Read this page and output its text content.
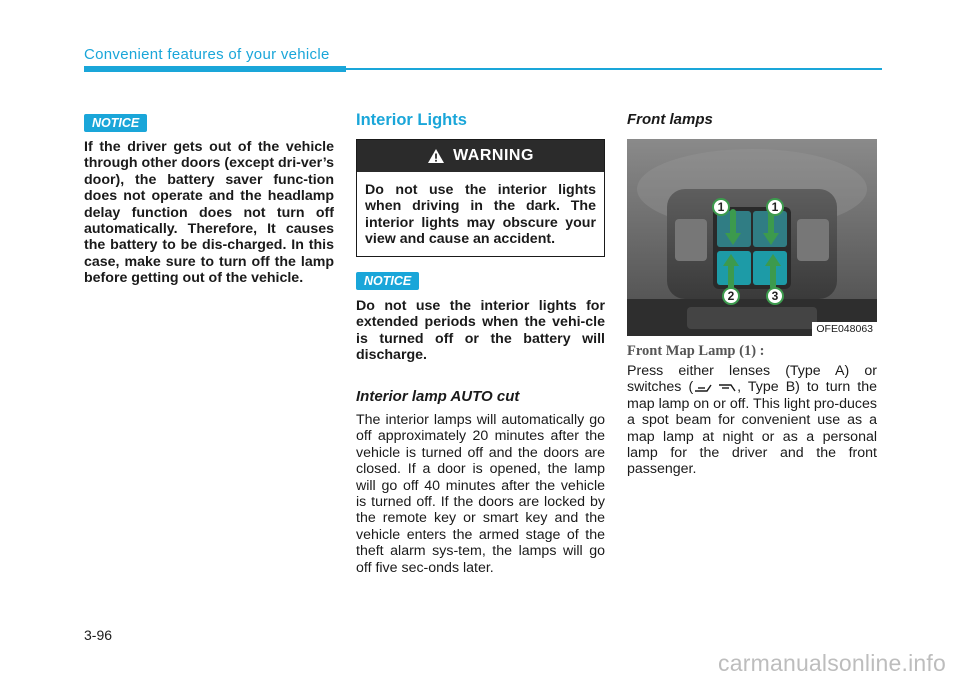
Convenient features of your vehicle
NOTICE
If the driver gets out of the vehicle through other doors (except dri-ver’s door), the battery saver func-tion does not operate and the headlamp delay function does not turn off automatically. Therefore, It causes the battery to be dis-charged. In this case, make sure to turn off the lamp before getting out of the vehicle.
Interior Lights
WARNING
Do not use the interior lights when driving in the dark. The interior lights may obscure your view and cause an accident.
NOTICE
Do not use the interior lights for extended periods when the vehi-cle is turned off or the battery will discharge.
Interior lamp AUTO cut
The interior lamps will automatically go off approximately 20 minutes after the vehicle is turned off and the doors are closed. If a door is opened, the lamp will go off 40 minutes after the vehicle is turned off. If the doors are locked by the remote key or smart key and the vehicle enters the armed stage of the theft alarm sys-tem, the lamps will go off five sec-onds later.
Front lamps
1	1
2	3
OFE048063
Front Map Lamp (1) :
Press either lenses (Type A) or switches (	, Type B) to turn the map lamp on or off. This light pro-duces a spot beam for convenient use as a map lamp at night or as a personal lamp for the driver and the front passenger.
3-96
carmanualsonline.info
